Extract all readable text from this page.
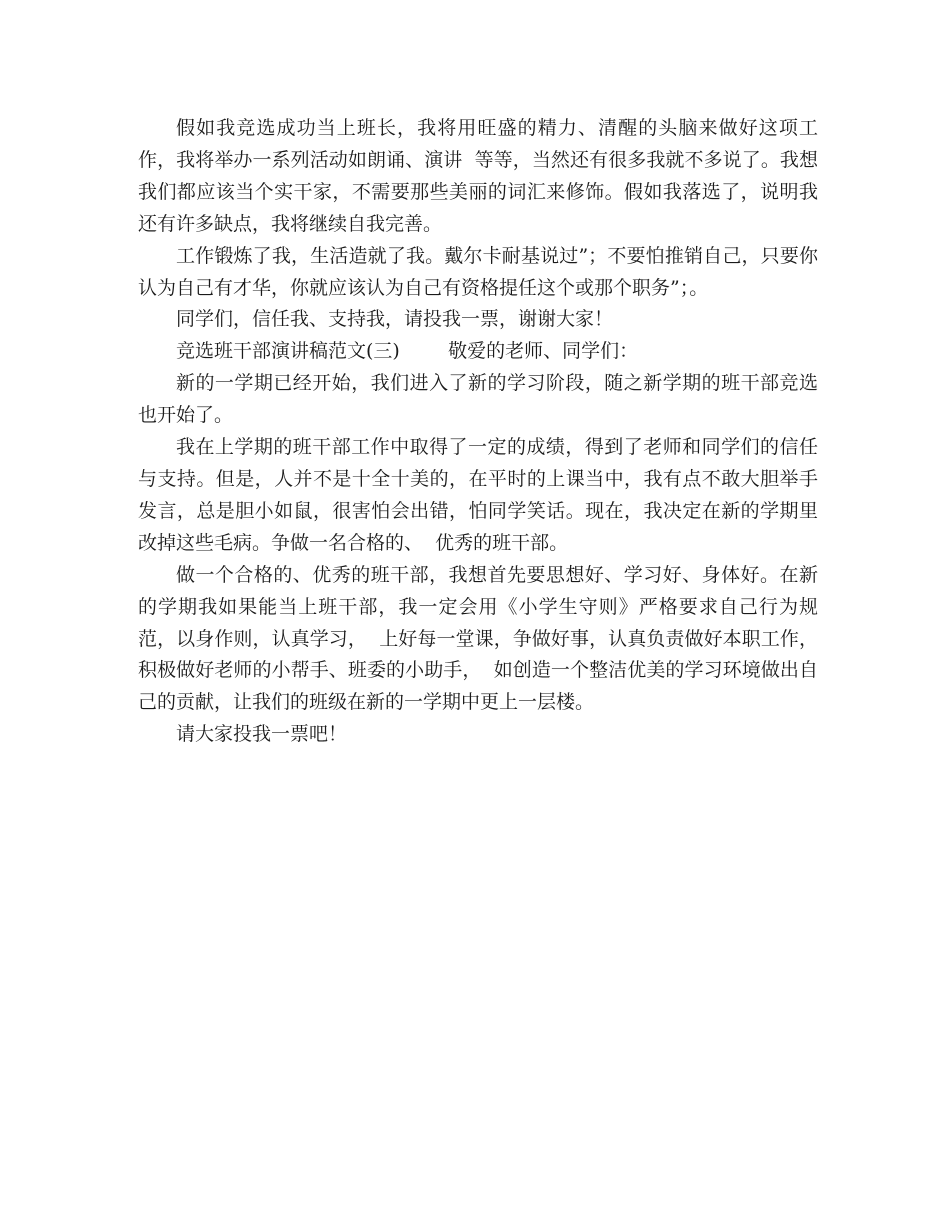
假如我竞选成功当上班长，我将用旺盛的精力、清醒的头脑来做好这项工作，我将举办一系列活动如朗诵、演讲  等等，当然还有很多我就不多说了。我想我们都应该当个实干家，不需要那些美丽的词汇来修饰。假如我落选了，说明我还有许多缺点，我将继续自我完善。

工作锻炼了我，生活造就了我。戴尔卡耐基说过”；不要怕推销自己，只要你认为自己有才华，你就应该认为自己有资格提任这个或那个职务”；。

同学们，信任我、支持我，请投我一票，谢谢大家！

竞选班干部演讲稿范文(三)        敬爱的老师、同学们：

新的一学期已经开始，我们进入了新的学习阶段，随之新学期的班干部竞选也开始了。

我在上学期的班干部工作中取得了一定的成绩，得到了老师和同学们的信任与支持。但是，人并不是十全十美的，在平时的上课当中，我有点不敢大胆举手发言，总是胆小如鼠，很害怕会出错，怕同学笑话。现在，我决定在新的学期里改掉这些毛病。争做一名合格的、  优秀的班干部。

做一个合格的、优秀的班干部，我想首先要思想好、学习好、身体好。在新的学期我如果能当上班干部，我一定会用《小学生守则》严格要求自己行为规范，以身作则，认真学习，  上好每一堂课，争做好事，认真负责做好本职工作，积极做好老师的小帮手、班委的小助手，  如创造一个整洁优美的学习环境做出自己的贡献，让我们的班级在新的一学期中更上一层楼。

请大家投我一票吧！
